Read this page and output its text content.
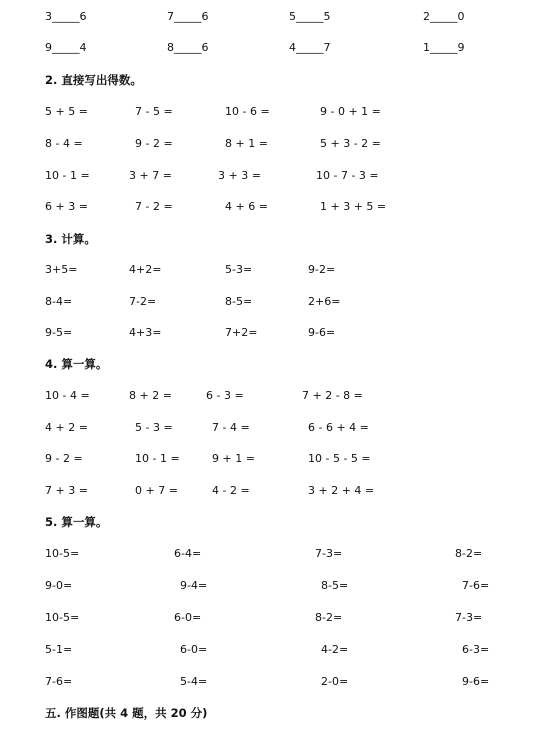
3_____6	7_____6	5_____5	2_____0
9_____4	8_____6	4_____7	1_____9
2. 直接写出得数。
5 + 5 =	7 - 5 =	10 - 6 =	9 - 0 + 1 =
8 - 4 =	9 - 2 =	8 + 1 =	5 + 3 - 2 =
10 - 1 =	3 + 7 =	3 + 3 =	10 - 7 - 3 =
6 + 3 =	7 - 2 =	4 + 6 =	1 + 3 + 5 =
3. 计算。
3+5=	4+2=	5-3=	9-2=
8-4=	7-2=	8-5=	2+6=
9-5=	4+3=	7+2=	9-6=
4. 算一算。
10 - 4 =	8 + 2 =	6 - 3 =	7 + 2 - 8 =
4 + 2 =	5 - 3 =	7 - 4 =	6 - 6 + 4 =
9 - 2 =	10 - 1 =	9 + 1 =	10 - 5 - 5 =
7 + 3 =	0 + 7 =	4 - 2 =	3 + 2 + 4 =
5. 算一算。
10-5=	6-4=	7-3=	8-2=
9-0=	9-4=	8-5=	7-6=
10-5=	6-0=	8-2=	7-3=
5-1=	6-0=	4-2=	6-3=
7-6=	5-4=	2-0=	9-6=
五. 作图题(共 4 题，共 20 分)
